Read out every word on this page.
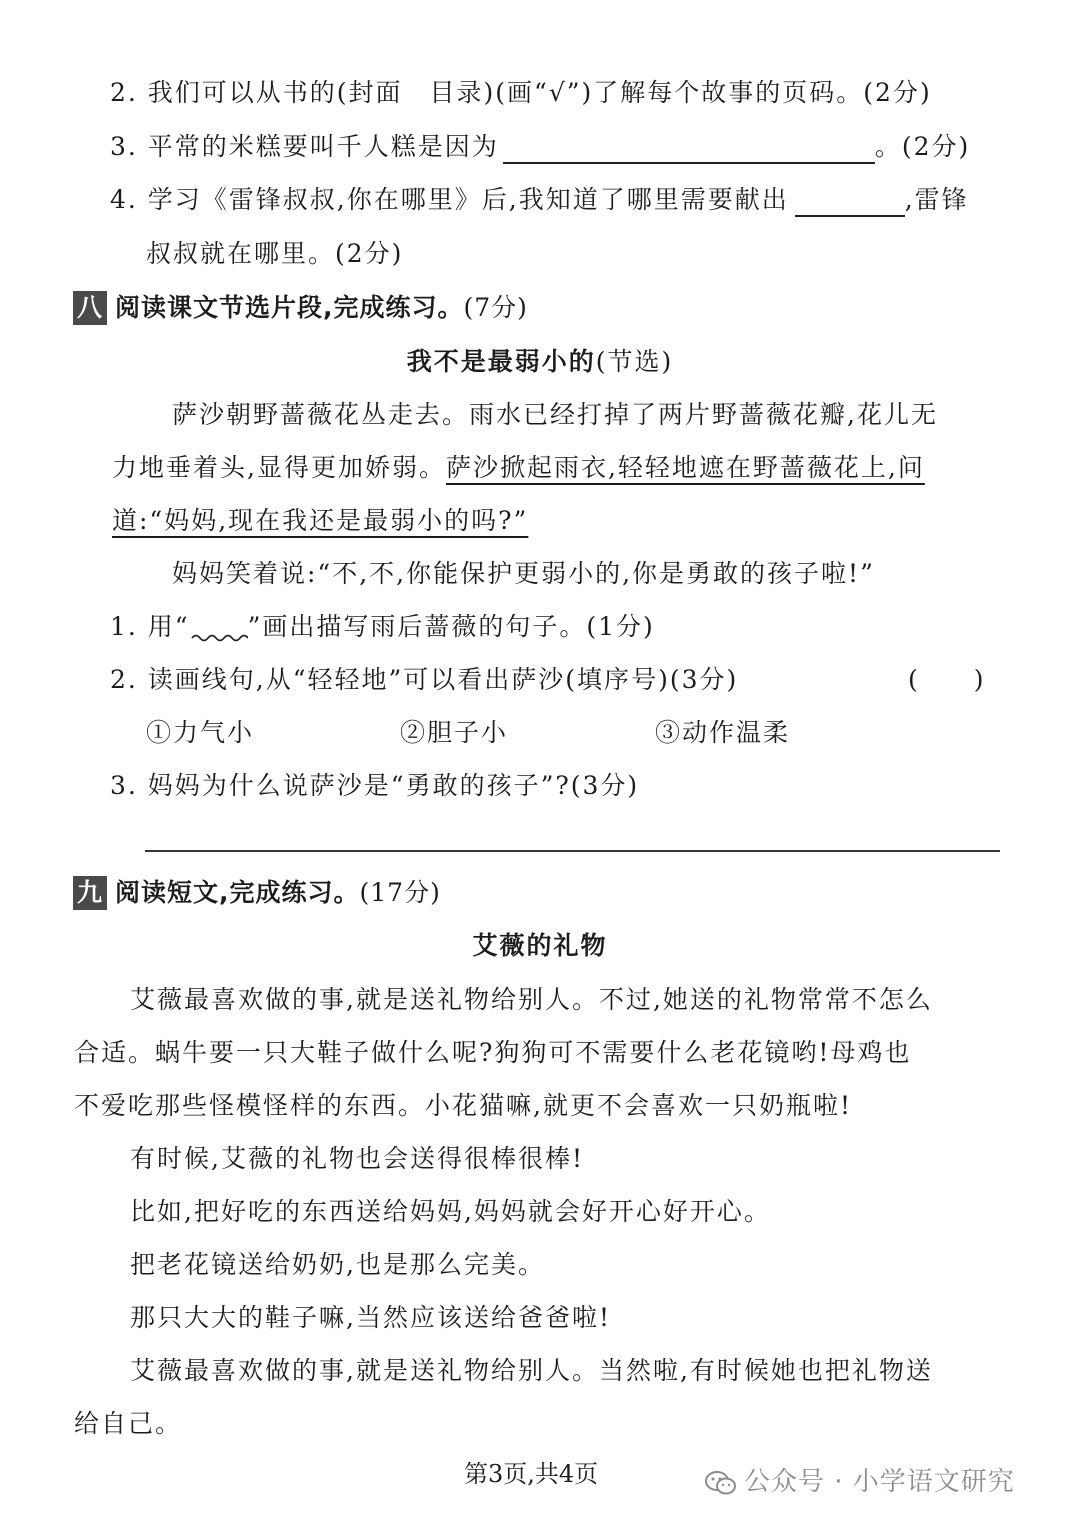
2. 我们可以从书的(封面　目录)(画“√”)了解每个故事的页码。(2分)
3. 平常的米糕要叫千人糕是因为	。(2分)
4. 学习《雷锋叔叔,你在哪里》后,我知道了哪里需要献出	,雷锋
叔叔就在哪里。(2分)
八 阅读课文节选片段,完成练习。(7分)
我不是最弱小的(节选)
萨沙朝野蔷薇花丛走去。雨水已经打掉了两片野蔷薇花瓣,花儿无
力地垂着头,显得更加娇弱。萨沙掀起雨衣,轻轻地遮在野蔷薇花上,问
道:“妈妈,现在我还是最弱小的吗?”
妈妈笑着说:“不,不,你能保护更弱小的,你是勇敢的孩子啦!”
1. 用“ ”画出描写雨后蔷薇的句子。(1分)
2. 读画线句,从“轻轻地”可以看出萨沙(填序号)(3分)	(　　)
①力气小	②胆子小	③动作温柔
3. 妈妈为什么说萨沙是“勇敢的孩子”?(3分)
九 阅读短文,完成练习。(17分)
艾薇的礼物
艾薇最喜欢做的事,就是送礼物给别人。不过,她送的礼物常常不怎么
合适。蜗牛要一只大鞋子做什么呢?狗狗可不需要什么老花镜哟!母鸡也
不爱吃那些怪模怪样的东西。小花猫嘛,就更不会喜欢一只奶瓶啦!
有时候,艾薇的礼物也会送得很棒很棒!
比如,把好吃的东西送给妈妈,妈妈就会好开心好开心。
把老花镜送给奶奶,也是那么完美。
那只大大的鞋子嘛,当然应该送给爸爸啦!
艾薇最喜欢做的事,就是送礼物给别人。当然啦,有时候她也把礼物送
给自己。
第3页,共4页	公众号 · 小学语文研究
